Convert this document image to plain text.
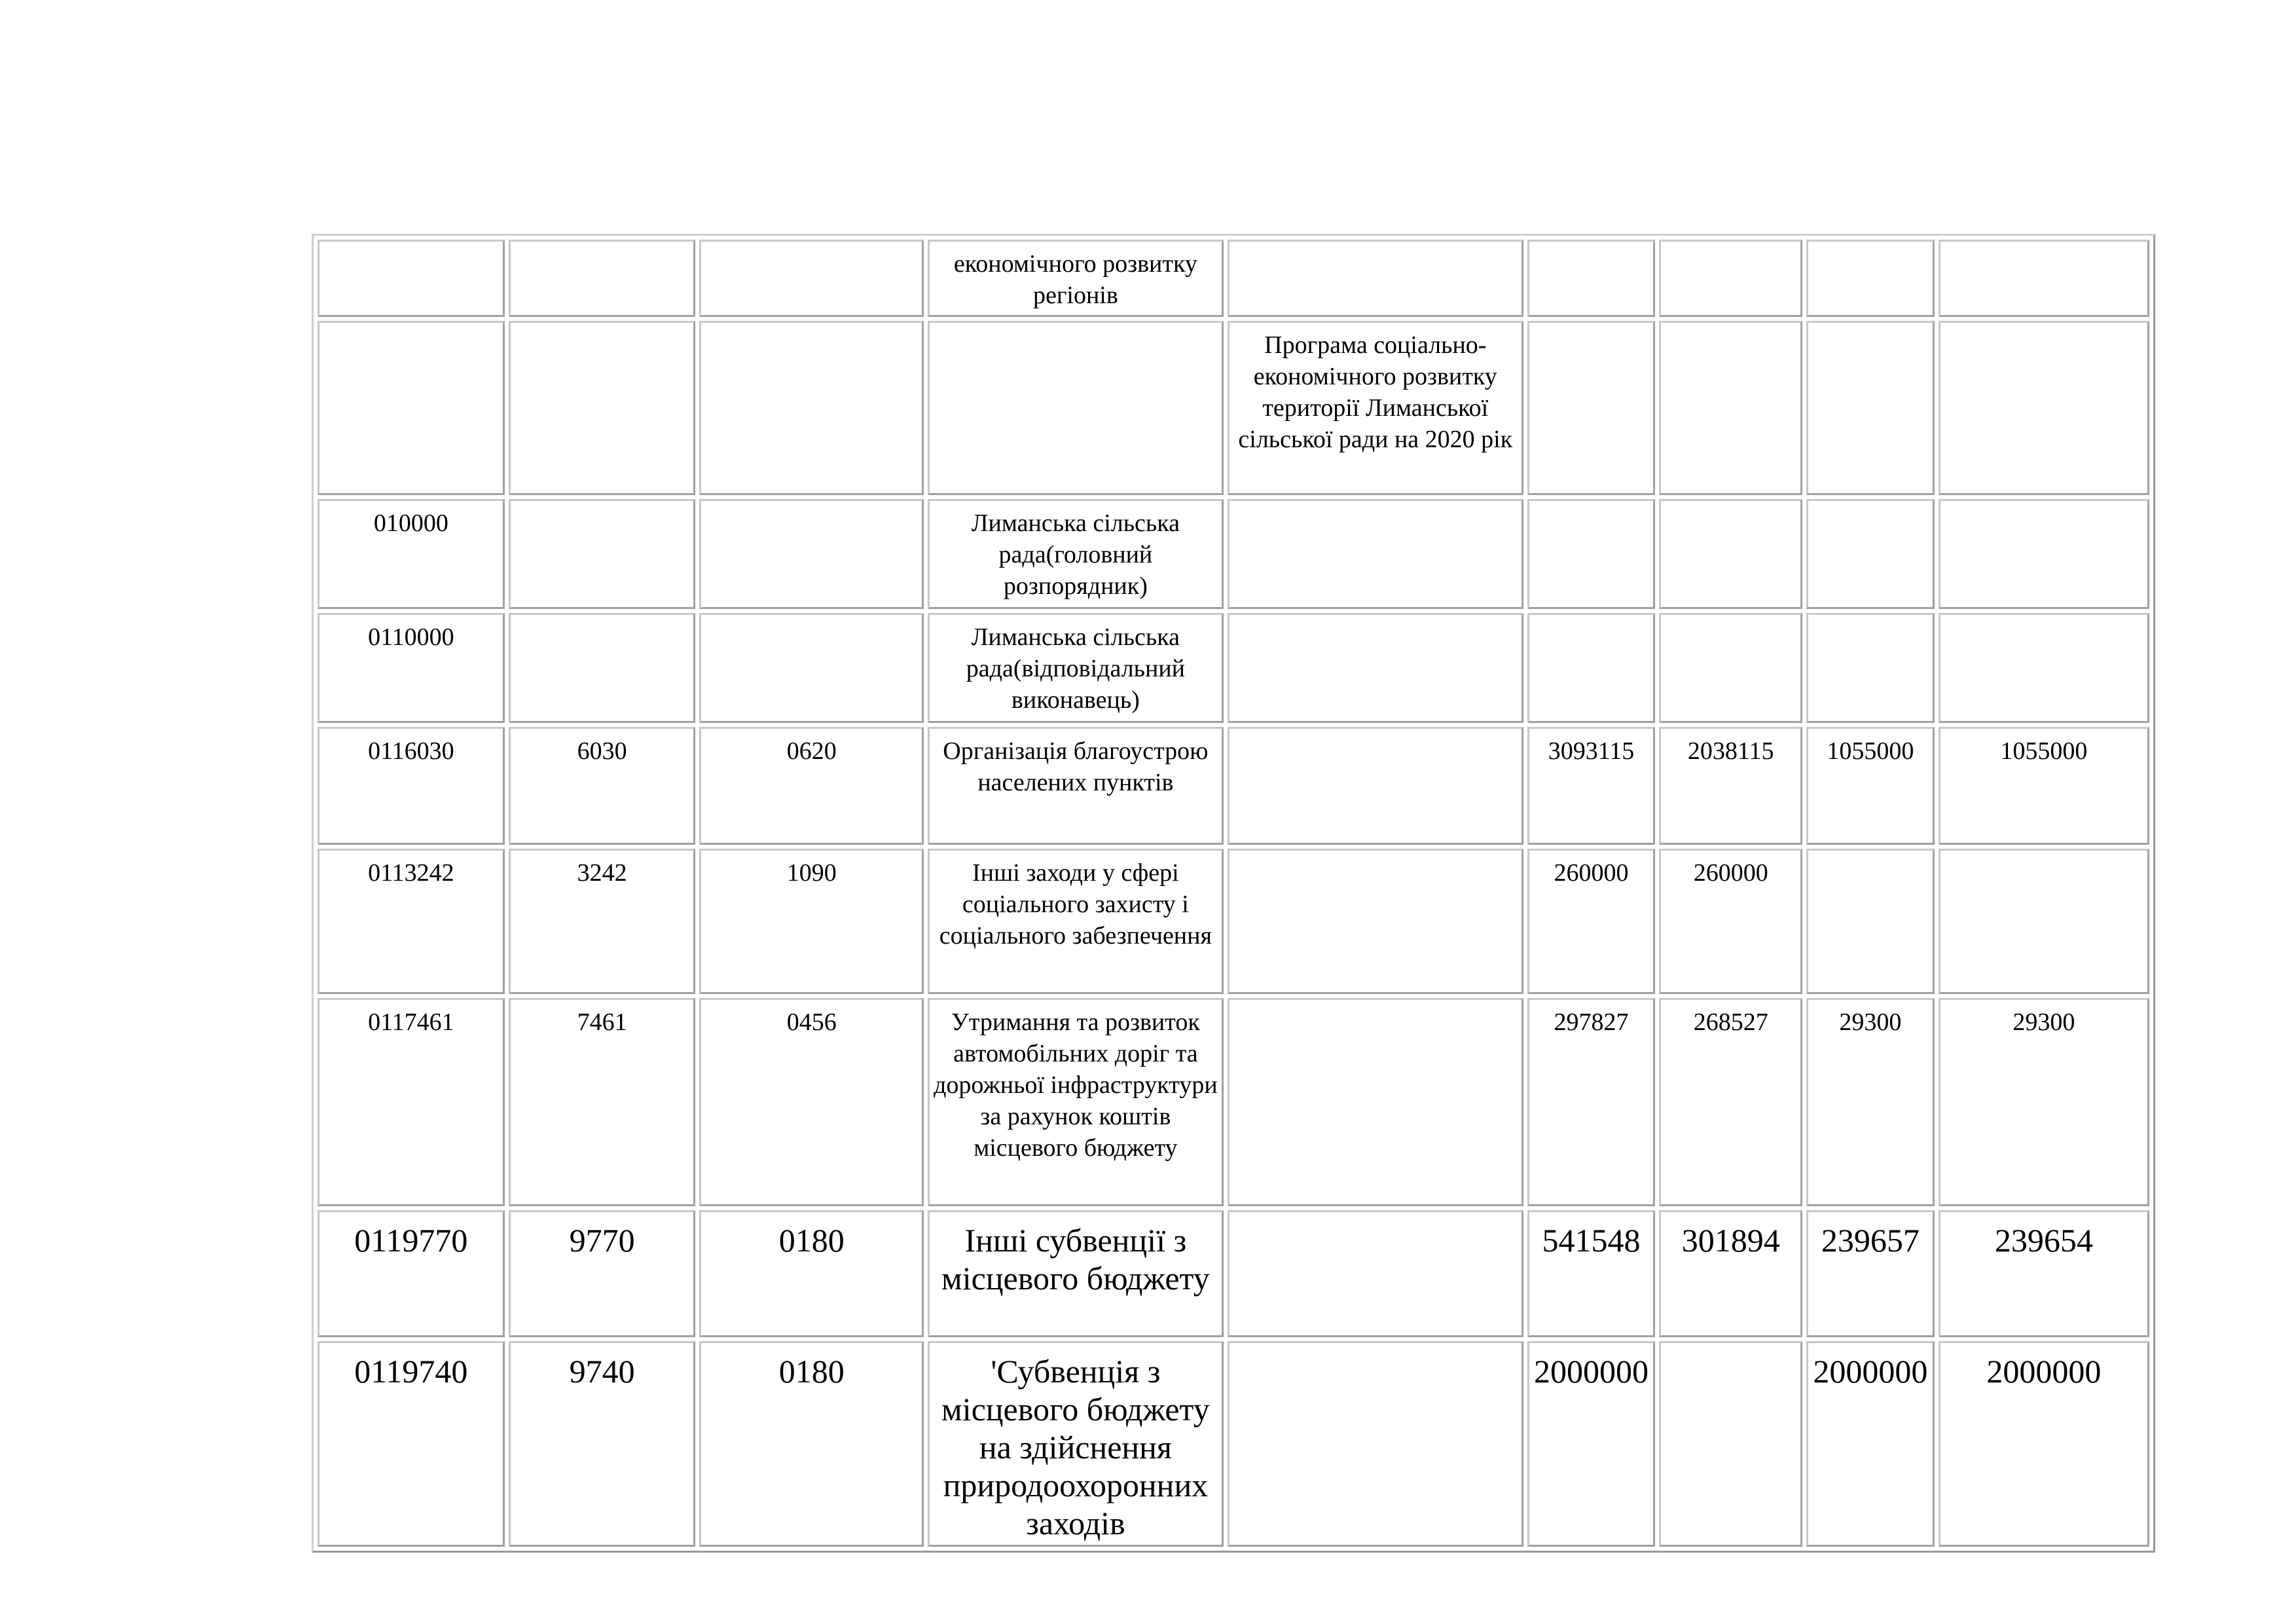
			економічного розвитку регіонів					
				Програма соціально-економічного розвитку території Лиманської сільської ради на 2020 рік				
010000			Лиманська сільська рада(головний розпорядник)					
0110000			Лиманська сільська рада(відповідальний виконавець)					
0116030	6030	0620	Організація благоустрою населених пунктів		3093115	2038115	1055000	1055000
0113242	3242	1090	Інші заходи у сфері соціального захисту і соціального забезпечення		260000	260000		
0117461	7461	0456	Утримання та розвиток автомобільних доріг та дорожньої інфраструктури за рахунок коштів місцевого бюджету		297827	268527	29300	29300
0119770	9770	0180	Інші субвенції з місцевого бюджету		541548	301894	239657	239654
0119740	9740	0180	'Субвенція з місцевого бюджету на здійснення природоохоронних заходів		2000000		2000000	2000000
